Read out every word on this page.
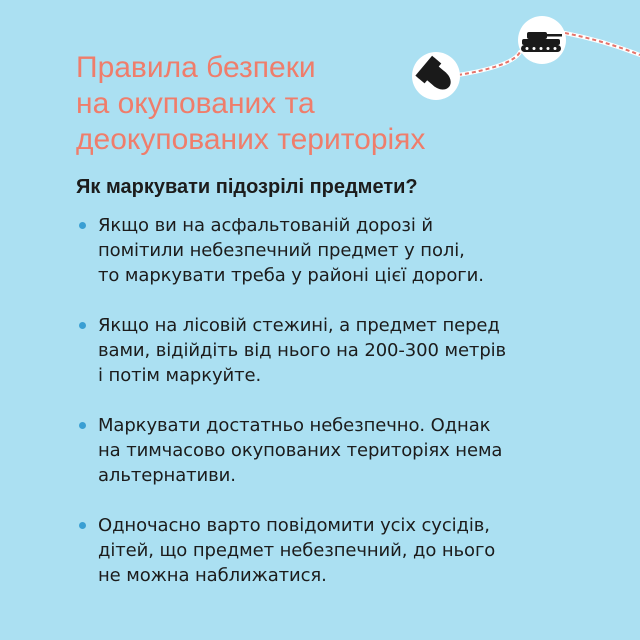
Правила безпеки
на окупованих та
деокупованих територіях
Як маркувати підозрілі предмети?
Якщо ви на асфальтованій дорозі й
помітили небезпечний предмет у полі,
то маркувати треба у районі цієї дороги.
Якщо на лісовій стежині, а предмет перед
вами, відійдіть від нього на 200-300 метрів
і потім маркуйте.
Маркувати достатньо небезпечно. Однак
на тимчасово окупованих територіях нема
альтернативи.
Одночасно варто повідомити усіх сусідів,
дітей, що предмет небезпечний, до нього
не можна наближатися.
